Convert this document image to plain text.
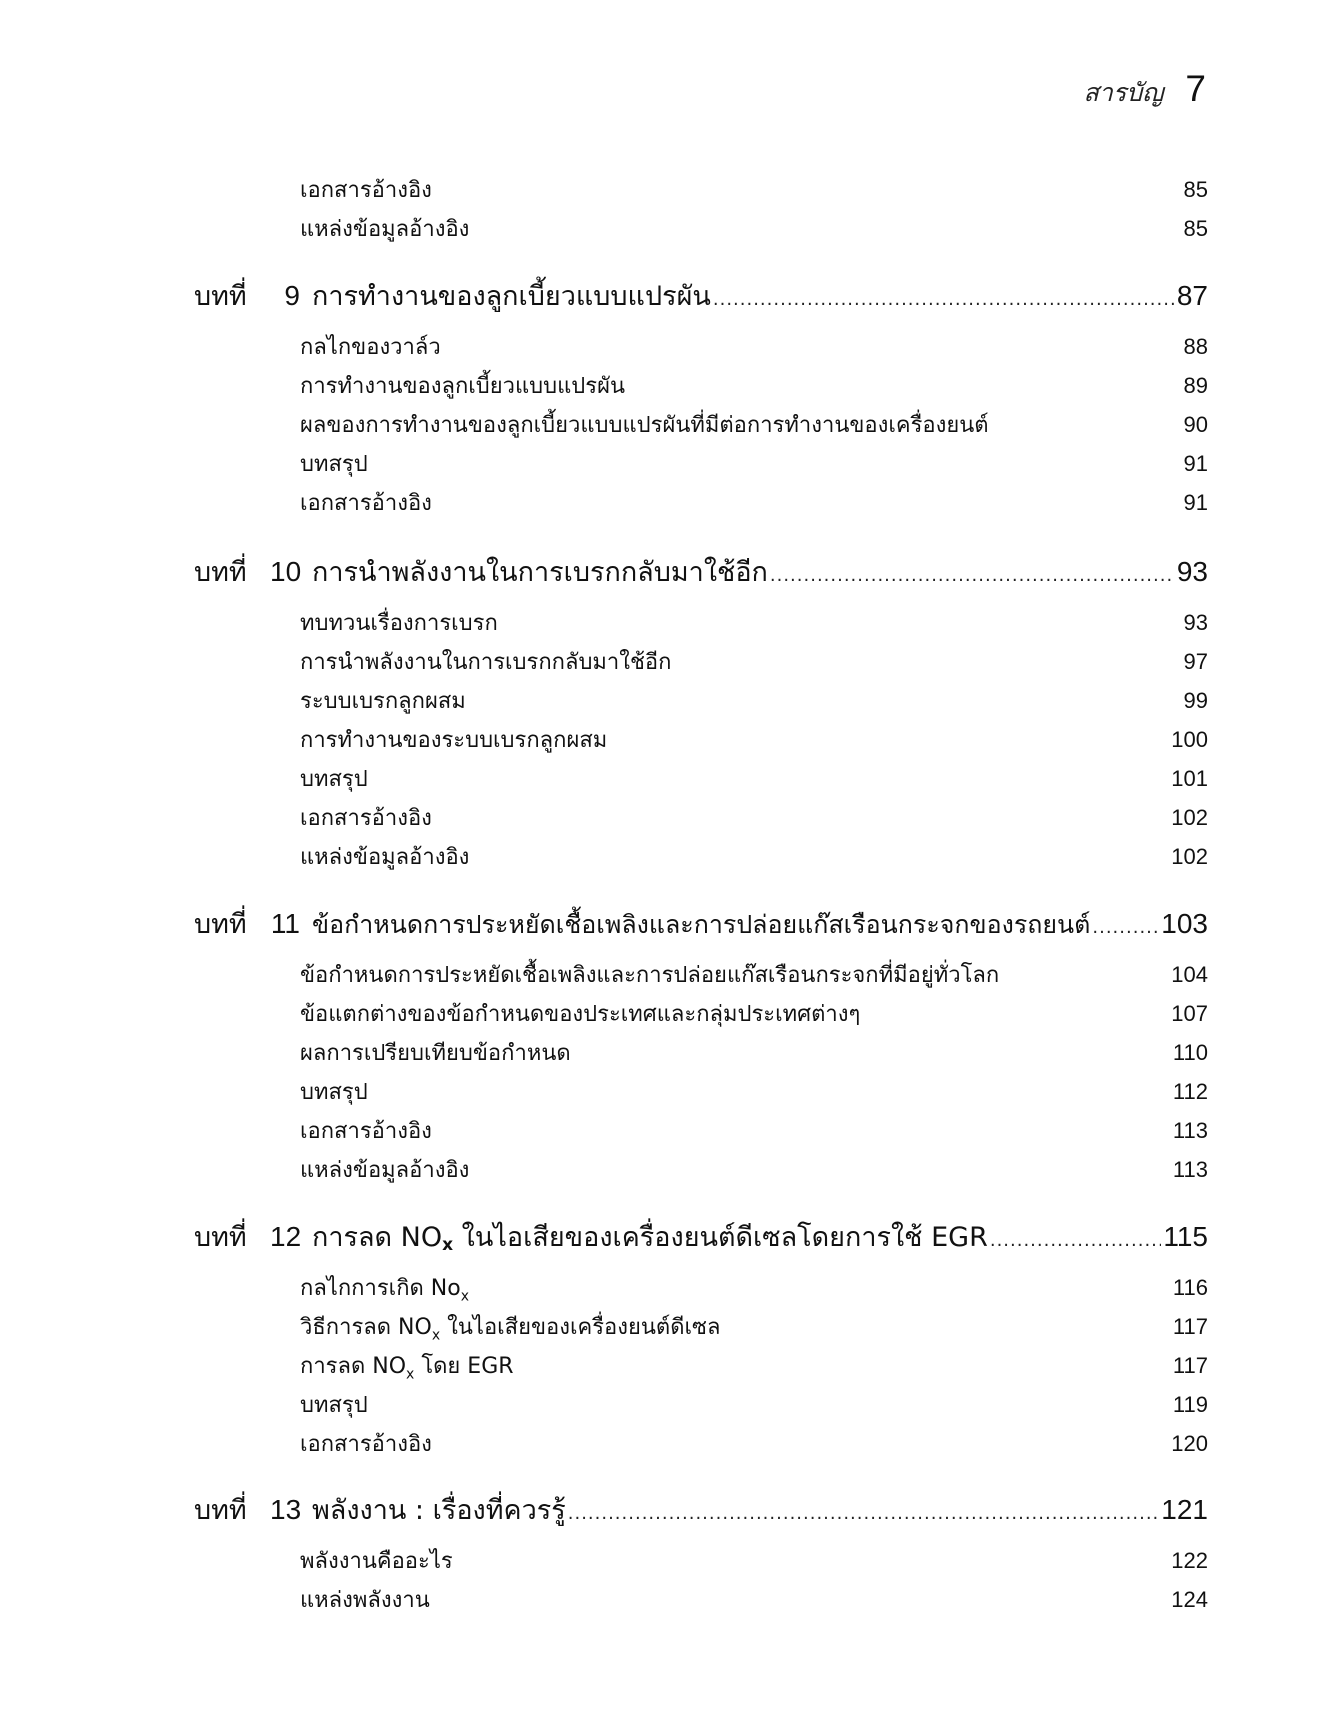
สารบัญ 7
เอกสารอ้างอิง	85
แหล่งข้อมูลอ้างอิง	85
บทที่	9 การทำงานของลูกเบี้ยวแบบแปรผัน .....	87
กลไกของวาล์ว	88
การทำงานของลูกเบี้ยวแบบแปรผัน	89
ผลของการทำงานของลูกเบี้ยวแบบแปรผันที่มีต่อการทำงานของเครื่องยนต์	90
บทสรุป	91
เอกสารอ้างอิง	91
บทที่ 10 การนำพลังงานในการเบรกกลับมาใช้อีก .....	93
ทบทวนเรื่องการเบรก	93
การนำพลังงานในการเบรกกลับมาใช้อีก	97
ระบบเบรกลูกผสม	99
การทำงานของระบบเบรกลูกผสม	100
บทสรุป	101
เอกสารอ้างอิง	102
แหล่งข้อมูลอ้างอิง	102
บทที่ 11 ข้อกำหนดการประหยัดเชื้อเพลิงและการปล่อยแก๊สเรือนกระจกของรถยนต์ .....	103
ข้อกำหนดการประหยัดเชื้อเพลิงและการปล่อยแก๊สเรือนกระจกที่มีอยู่ทั่วโลก	104
ข้อแตกต่างของข้อกำหนดของประเทศและกลุ่มประเทศต่างๆ	107
ผลการเปรียบเทียบข้อกำหนด	110
บทสรุป	112
เอกสารอ้างอิง	113
แหล่งข้อมูลอ้างอิง	113
บทที่ 12 การลด $NO_x$ ในไอเสียของเครื่องยนต์ดีเซลโดยการใช้ EGR .....	115
กลไกการเกิด $No_x$	116
วิธีการลด $NO_x$ ในไอเสียของเครื่องยนต์ดีเซล	117
การลด $NO_x$ โดย EGR	117
บทสรุป	119
เอกสารอ้างอิง	120
บทที่ 13 พลังงาน : เรื่องที่ควรรู้ .....	121
พลังงานคืออะไร	122
แหล่งพลังงาน	124
